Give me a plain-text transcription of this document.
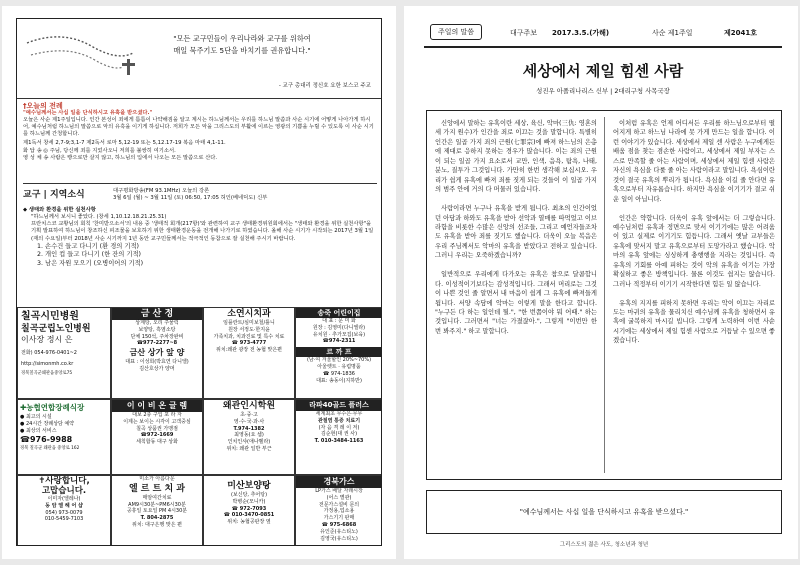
"모든 교구민들이 우리나라와 교구를 위하여
매일 묵주기도 5단을 바치기를 권유합니다."
- 교구 총대리 정신호 요한 보스코 주교
†오늘의 전례
"예수님께서는 사십 일을 단식하시고 유혹을 받으셨다."
오늘은 사순 제1주일입니다. 인간 본성이 죄에게 틈틈이 나약해짐을 알고 계시는 하느님께서는 우리를 하느님 말씀과 사순 시기에 어떻게 나아가게 하시어, 예수님처럼 하느님의 말씀으로 악의 유혹을 이기게 하십니다. 저희가 모든 악을 그리스도의 부활에 이르는 영광의 기쁨을 누릴 수 있도록 이 사순 시기를 하느님께 간청합니다.
제1독서 창세 2,7-9;3,1-7 제2독서 로마 5,12-19 또는 5,12.17-19 복음 마태 4,1-11.
화 답 송 ◎ 주님, 당신께 죄를 지었사오니 저희를 불쌍히 여기소서.
영 성 체 송 사람은 빵으로만 살지 않고, 하느님의 입에서 나오는 모든 말씀으로 산다.
교구 | 지역소식	대구평화방송(FM 93.1MHz) 오늘의 강론
3월 6일 (월) ~ 3월 11일 (토) 06:50, 17:05 허인(베네딕도) 신부
◆ 생태와 환경을 위한 실천사항
"하느님께서 보시니 좋았다. (창세 1,10.12.18.21.25.31)
프란치스코 교황님의 회칙 '찬미받으소서'의 내용 중 '생태적 회개(217항)'와 관련하여 교구 생태환경위원회에서는 "생태와 환경을 위한 실천사항"을 기획 발표하여 하느님이 창조하신 피조물을 보호하기 위한 생태환경운동을 전개해 나가기로 하였습니다. 올해 사순 시기가 시작되는 2017년 3월 1일(재의 수요일)부터 2018년 사순 시기까지 1년 동안 교구민들께서는 적극적인 동참으로 잘 실천해 주시기 바랍니다.
1. 손수건 들고 다니기 (환 경의 기적)
2. 개인 컵 들고 다니기 (한 잔의 기적)
3. 남은 자원 모으기 (오병이어의 기적)
칠곡시민병원
칠곡군립노인병원
이사장 정시 은
전화) 054-976-0401~2
http://simonmh.co.kr
경북칠곡군왜관읍중앙로75
금 산 정

상계탕, 오리 주물럭

보양탕, 흑염소탕

단체 150석, 주차장완비

☎977-2277~8

금산 상가 앞 양

대표 : 이성희(박효연 다니엘)

김산호상가 양머

소연시치과

임플란트/심미보철/틀니

원장 서정도·한지윤

가족치과, 치과진료 및 특수 치료

☎ 973-4777

위치:왜관 광장 전 농협 맞은편

송죽 어린이집

대 표 : 문 미 화

원장 : 김영미(다니엘라)

유치원 · 추가모집(보육)

☎974-2311

르 까 프

(남·여 겨울할인 20%~70%)

아울렛트 · 유럽명품

☎ 974-1836

대표: 송동이(지하반)

✚농협연합장례식장
● 최고의 시설
● 24시간 장례상담 예약
● 최상의 서비스
☎976-9988
경북 칠곡군 왜관읍 중앙로 162
이 이 비 온 글 렘

대보 2층 구입 포 라 자

이제는 보이는 시각이 고객중심

칠곡 상품권 가맹점

☎972-1669

세칙합동 대구 상화

왜관인시학원

초·중·고

영·수·국·과·사

T.974-1382

최영동(요 셉)

인치인샤(애나벨라)

위치: 왜관 일반 부근

라파40골드 플러스

세계최초 무수은·무무

관절염 통증 치료기

(자 음 격 레 이 저)

김순현(대 권 사)

T. 010-3484-1163

✝사랑합니다,
고맙습니다.

이미자(엘레나)

동 암 엘 헤 어 샵

054) 973-0079

010-5459-7103

미소가 아름다운

엘 르 트 치 과

매암여간치료

AM9시30분~PM6시30분

공휴일 토요일 PM 4시30분

T. 804-2875

위치: 대구은행 맞은 편

미산보양탕

(보신탕, 추어탕)

박병순(모니카)

☎ 972-7093

☎ 010-3470-0851

위치: 농협공판장 옆

경북가스

LP가스 배달 자래시장

(어스 별관)

전문가스설비 문의

가정용,업소용

가스기기 판매

☎ 975-6868

유인준(유스티노)

김영국(유스티노)

주일의 말씀	대구주보 2017.3.5.(가해)	사순 제1주일	제2041호
세상에서 제일 힘센 사람
성진우 아폴리나리스 신부 | 2대리구청 사목국장

신앙에서 말하는 유혹이란 세상, 육신, 악마(三仇: 영혼의 세 가지 원수)가 인간을 죄로 이끄는 것을 말합니다. 특별히 인간은 일곱 가지 죄의 근원(七罪宗)에 빠져 하느님의 은총에 제대로 응하지 못하는 경우가 많습니다. 이는 죄의 근원이 되는 일곱 가지 요소로서 교만, 인색, 음욕, 탐욕, 나태, 분노, 질투가 그것입니다. 가만히 한번 생각해 보십시오. 우리가 쉽게 유혹에 빠져 죄를 짓게 되는 것들이 이 일곱 가지의 범주 안에 거의 다 머물러 있습니다.

사람이라면 누구나 유혹을 받게 됩니다. 최초의 인간이었던 아담과 하와도 유혹을 받아 선악과 열매를 따먹었고 이브라함을 비롯한 수많은 신앙의 선조들, 그리고 예언자들조차도 유혹을 받아 죄를 짓기도 했습니다. 더욱이 오늘 복음은 우리 주님께서도 악마의 유혹을 받았다고 전하고 있습니다. 그러니 우리는 오죽하겠습니까?

일반적으로 우리에게 다가오는 유혹은 참으로 달콤합니다. 이성적이기보다는 감성적입니다. 그래서 머리로는 그것이 나쁜 것인 줄 알면서 내 마음이 쉽게 그 유혹에 빠져들게 됩니다. 서양 속담에 악마는 이렇게 말을 한다고 합니다. "누구든 다 하는 일인데 뭘.", "한 번쯤이야 뭐 어때." 하는 것입니다. 그러면서 "너는 가졌잖아.", 그렇게 "이번만 한 번 봐주지." 하고 말합니다.

이처럼 유혹은 언제 어디서든 우리를 하느님으로부터 떨어지게 하고 하느님 나라에 못 가게 만드는 일을 합니다. 이런 이야기가 있습니다. 세상에서 제일 센 사람은 누구에게든 배움 점을 찾는 겸손한 사람이고, 세상에서 제일 부자는 스스로 만족할 줄 아는 사람이며, 세상에서 제일 힘센 사람은 자신의 욕심을 다룰 줄 아는 사람이라고 말입니다. 욕심이란 것이 결국 유혹의 뿌리가 됩니다. 욕심을 이길 줄 안다면 유혹으로부터 자유롭습니다. 하지만 욕심을 이기기가 결코 쉬운 일이 아닙니다.

인간은 약합니다. 더욱이 유혹 앞에서는 더 그렇습니다. 예수님처럼 유혹과 정면으로 맞서 이기기에는 많은 어려움이 있고 실제로 이기기도 힘듭니다. 그래서 옛날 교부들은 유혹에 맞서지 말고 유혹으로부터 도망가라고 했습니다. 악마의 유혹 앞에는 싱싱하게 충행행을 지라는 것입니다. 즉 유혹의 기회를 아예 피하는 것이 악의 유혹을 이기는 가장 확실하고 좋은 방책입니다. 물론 이것도 쉽지는 않습니다. 그러나 적정부터 이기기 시작한다면 힘든 일 않습니다.

유혹의 지지를 피하지 못하면 우리는 악이 이끄는 자리로 도는 마귀의 유혹을 물리치신 예수님께 유혹을 청하면서 유혹에 굴복하지 마시길 빕니다. 그렇게 노력하여 이번 사순 시기에는 세상에서 제일 힘센 사람으로 거듭날 수 있으면 좋겠습니다.

"예수님께서는 사십 일을 단식하시고 유혹을 받으셨다."
그리스도의 젊은 사도, 청소년과 청년
